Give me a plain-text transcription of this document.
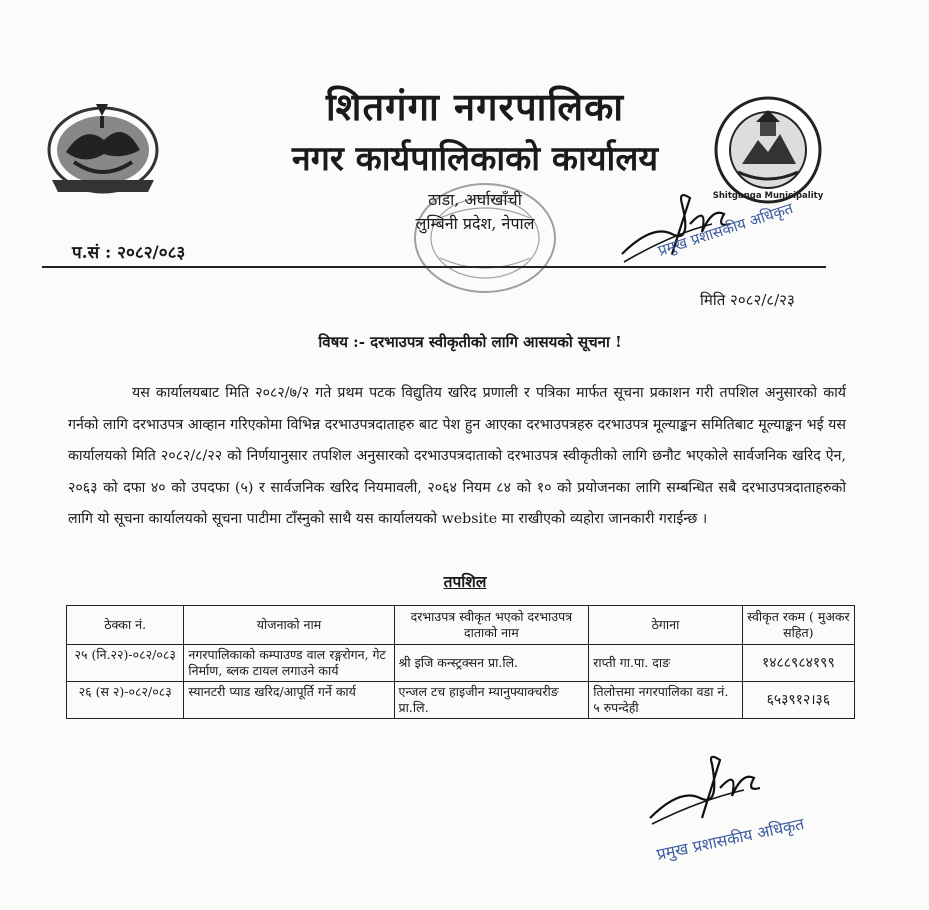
शितगंगा नगरपालिका
नगर कार्यपालिकाको कार्यालय
ठाडा, अर्घाखाँची
लुम्बिनी प्रदेश, नेपाल
Shitganga Municipality
प.सं : २०८२/०८३
मिति २०८२/८/२३
प्रमुख प्रशासकीय अधिकृत
विषय :- दरभाउपत्र स्वीकृतीको लागि आसयको सूचना !
यस कार्यालयबाट मिति २०८२/७/२ गते प्रथम पटक विद्युतिय खरिद प्रणाली र पत्रिका मार्फत सूचना प्रकाशन गरी तपशिल अनुसारको कार्य गर्नको लागि दरभाउपत्र आव्हान गरिएकोमा विभिन्न दरभाउपत्रदाताहरु बाट पेश हुन आएका दरभाउपत्रहरु दरभाउपत्र मूल्याङ्कन समितिबाट मूल्याङ्कन भई यस कार्यालयको मिति २०८२/८/२२ को निर्णयानुसार तपशिल अनुसारको दरभाउपत्रदाताको दरभाउपत्र स्वीकृतीको लागि छनौट भएकोले सार्वजनिक खरिद ऐन, २०६३ को दफा ४० को उपदफा (५) र सार्वजनिक खरिद नियमावली, २०६४ नियम ८४ को १० को प्रयोजनका लागि सम्बन्धित सबै दरभाउपत्रदाताहरुको लागि यो सूचना कार्यालयको सूचना पाटीमा टाँस्नुको साथै यस कार्यालयको website मा राखीएको व्यहोरा जानकारी गराईन्छ ।
तपशिल
ठेक्का नं.	योजनाको नाम	दरभाउपत्र स्वीकृत भएको दरभाउपत्र दाताको नाम	ठेगाना	स्वीकृत रकम ( मुअकर सहित)
२५ (नि.२२)-०८२/०८३	नगरपालिकाको कम्पाउण्ड वाल रङ्गरोगन, गेट निर्माण, ब्लक टायल लगाउने कार्य	श्री इजि कन्स्ट्रक्सन प्रा.लि.	राप्ती गा.पा. दाङ	१४८८९८४१९९
२६ (स २)-०८२/०८३	स्यानटरी प्याड खरिद/आपूर्ति गर्ने कार्य	एन्जल टच हाइजीन म्यानुफ्याक्चरीङ प्रा.लि.	तिलोत्तमा नगरपालिका वडा नं. ५ रुपन्देही	६५३९१२।३६
प्रमुख प्रशासकीय अधिकृत
